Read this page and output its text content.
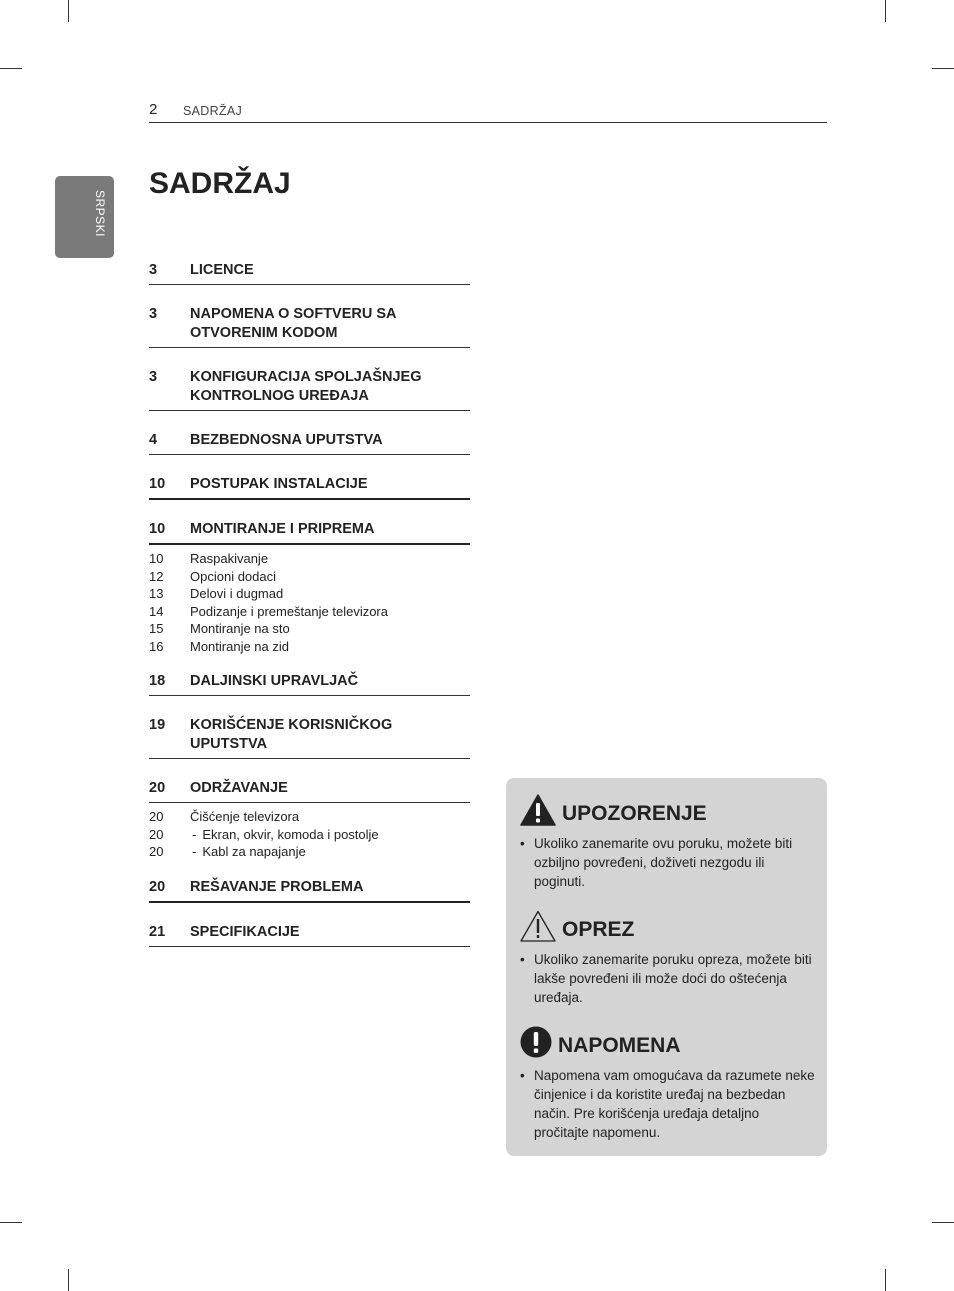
2 SADRŽAJ
SRPSKI
SADRŽAJ
3	LICENCE
3	NAPOMENA O SOFTVERU SA OTVORENIM KODOM
3	KONFIGURACIJA SPOLJAŠNJEG KONTROLNOG UREĐAJA
4	BEZBEDNOSNA UPUTSTVA
10	POSTUPAK INSTALACIJE
10	MONTIRANJE I PRIPREMA
10	Raspakivanje
12	Opcioni dodaci
13	Delovi i dugmad
14	Podizanje i premeštanje televizora
15	Montiranje na sto
16	Montiranje na zid
18	DALJINSKI UPRAVLJAČ
19	KORIŠĆENJE KORISNIČKOG UPUTSTVA
20	ODRŽAVANJE
20	Čišćenje televizora
20	- Ekran, okvir, komoda i postolje
20	- Kabl za napajanje
20	REŠAVANJE PROBLEMA
21	SPECIFIKACIJE
UPOZORENJE
• Ukoliko zanemarite ovu poruku, možete biti ozbiljno povređeni, doživeti nezgodu ili poginuti.
OPREZ
• Ukoliko zanemarite poruku opreza, možete biti lakše povređeni ili može doći do oštećenja uređaja.
NAPOMENA
• Napomena vam omogućava da razumete neke činjenice i da koristite uređaj na bezbedan način. Pre korišćenja uređaja detaljno pročitajte napomenu.
